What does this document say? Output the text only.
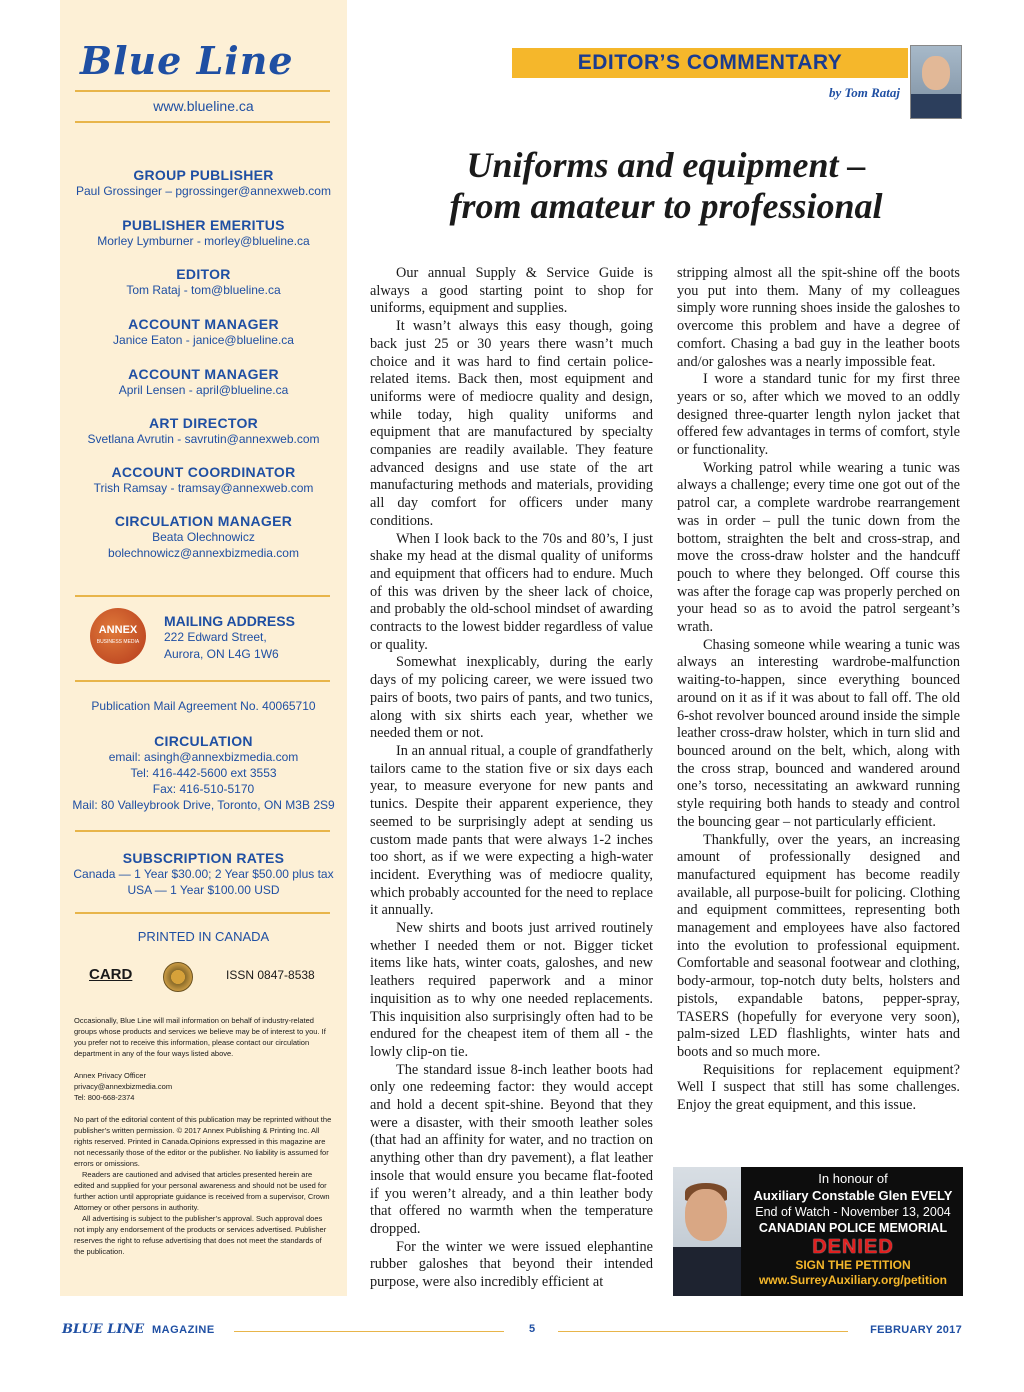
Blue Line
www.blueline.ca
GROUP PUBLISHER
Paul Grossinger – pgrossinger@annexweb.com
PUBLISHER EMERITUS
Morley Lymburner - morley@blueline.ca
EDITOR
Tom Rataj - tom@blueline.ca
ACCOUNT MANAGER
Janice Eaton - janice@blueline.ca
ACCOUNT MANAGER
April Lensen - april@blueline.ca
ART DIRECTOR
Svetlana Avrutin - savrutin@annexweb.com
ACCOUNT COORDINATOR
Trish Ramsay - tramsay@annexweb.com
CIRCULATION MANAGER
Beata Olechnowicz
bolechnowicz@annexbizmedia.com
ANNEX
BUSINESS MEDIA
MAILING ADDRESS
222 Edward Street,
Aurora, ON L4G 1W6
Publication Mail Agreement No. 40065710
CIRCULATION
email: asingh@annexbizmedia.com
Tel: 416-442-5600 ext 3553
Fax: 416-510-5170
Mail: 80 Valleybrook Drive, Toronto, ON M3B 2S9
SUBSCRIPTION RATES
Canada — 1 Year $30.00; 2 Year $50.00 plus tax
USA — 1 Year $100.00 USD
PRINTED IN CANADA
CARD	ISSN 0847-8538

Occasionally, Blue Line will mail information on behalf of industry-related groups whose products and services we believe may be of interest to you. If you prefer not to receive this information, please contact our circulation department in any of the four ways listed above.

Annex Privacy Officer

privacy@annexbizmedia.com

Tel: 800-668-2374

No part of the editorial content of this publication may be reprinted without the publisher’s written permission. © 2017 Annex Publishing & Printing Inc. All rights reserved. Printed in Canada.Opinions expressed in this magazine are not necessarily those of the editor or the publisher. No liability is assumed for errors or omissions.

Readers are cautioned and advised that articles presented herein are edited and supplied for your personal awareness and should not be used for further action until appropriate guidance is received from a supervisor, Crown Attorney or other persons in authority.

All advertising is subject to the publisher’s approval. Such approval does not imply any endorsement of the products or services advertised. Publisher reserves the right to refuse advertising that does not meet the standards of the publication.

EDITOR’S COMMENTARY
by Tom Rataj
Uniforms and equipment –
from amateur to professional

Our annual Supply & Service Guide is always a good starting point to shop for uniforms, equipment and supplies.

It wasn’t always this easy though, going back just 25 or 30 years there wasn’t much choice and it was hard to find certain police-related items. Back then, most equipment and uniforms were of mediocre quality and design, while today, high quality uniforms and equipment that are manufactured by specialty companies are readily available. They feature advanced designs and use state of the art manufacturing methods and materials, providing all day comfort for officers under many conditions.

When I look back to the 70s and 80’s, I just shake my head at the dismal quality of uniforms and equipment that officers had to endure. Much of this was driven by the sheer lack of choice, and probably the old-school mindset of awarding contracts to the lowest bidder regardless of value or quality.

Somewhat inexplicably, during the early days of my policing career, we were issued two pairs of boots, two pairs of pants, and two tunics, along with six shirts each year, whether we needed them or not.

In an annual ritual, a couple of grandfatherly tailors came to the station five or six days each year, to measure everyone for new pants and tunics. Despite their apparent experience, they seemed to be surprisingly adept at sending us custom made pants that were always 1-2 inches too short, as if we were expecting a high-water incident. Everything was of mediocre quality, which probably accounted for the need to replace it annually.

New shirts and boots just arrived routinely whether I needed them or not. Bigger ticket items like hats, winter coats, galoshes, and new leathers required paperwork and a minor inquisition as to why one needed replacements. This inquisition also surprisingly often had to be endured for the cheapest item of them all - the lowly clip-on tie.

The standard issue 8-inch leather boots had only one redeeming factor: they would accept and hold a decent spit-shine. Beyond that they were a disaster, with their smooth leather soles (that had an affinity for water, and no traction on anything other than dry pavement), a flat leather insole that would ensure you became flat-footed if you weren’t already, and a thin leather body that offered no warmth when the temperature dropped.

For the winter we were issued elephantine rubber galoshes that beyond their intended purpose, were also incredibly efficient at

stripping almost all the spit-shine off the boots you put into them. Many of my colleagues simply wore running shoes inside the galoshes to overcome this problem and have a degree of comfort. Chasing a bad guy in the leather boots and/or galoshes was a nearly impossible feat.

I wore a standard tunic for my first three years or so, after which we moved to an oddly designed three-quarter length nylon jacket that offered few advantages in terms of comfort, style or functionality.

Working patrol while wearing a tunic was always a challenge; every time one got out of the patrol car, a complete wardrobe rearrangement was in order – pull the tunic down from the bottom, straighten the belt and cross-strap, and move the cross-draw holster and the handcuff pouch to where they belonged. Off course this was after the forage cap was properly perched on your head so as to avoid the patrol sergeant’s wrath.

Chasing someone while wearing a tunic was always an interesting wardrobe-malfunction waiting-to-happen, since everything bounced around on it as if it was about to fall off. The old 6-shot revolver bounced around inside the simple leather cross-draw holster, which in turn slid and bounced around on the belt, which, along with the cross strap, bounced and wandered around one’s torso, necessitating an awkward running style requiring both hands to steady and control the bouncing gear – not particularly efficient.

Thankfully, over the years, an increasing amount of professionally designed and manufactured equipment has become readily available, all purpose-built for policing. Clothing and equipment committees, representing both management and employees have also factored into the evolution to professional equipment. Comfortable and seasonal footwear and clothing, body-armour, top-notch duty belts, holsters and pistols, expandable batons, pepper-spray, TASERS (hopefully for everyone very soon), palm-sized LED flashlights, winter hats and boots and so much more.

Requisitions for replacement equipment? Well I suspect that still has some challenges. Enjoy the great equipment, and this issue.

In honour of
Auxiliary Constable Glen EVELY
End of Watch - November 13, 2004
CANADIAN POLICE MEMORIAL
DENIED
SIGN THE PETITION
www.SurreyAuxiliary.org/petition
BLUE LINE MAGAZINE	5	FEBRUARY 2017
